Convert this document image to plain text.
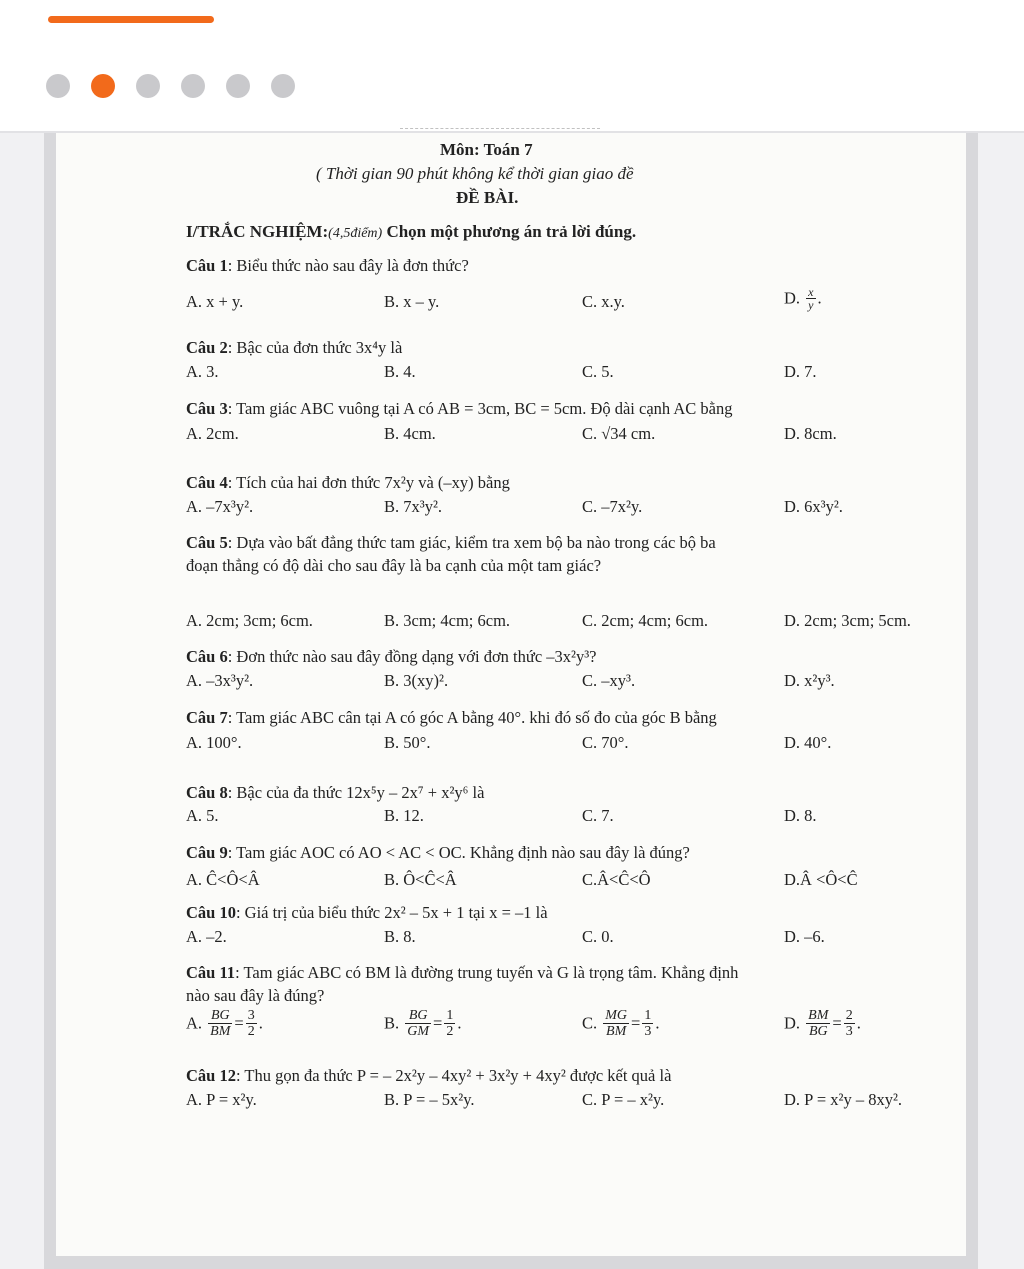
Môn: Toán 7
( Thời gian 90 phút không kể thời gian giao đề
ĐỀ BÀI.
I/TRẮC NGHIỆM:(4,5điểm) Chọn một phương án trả lời đúng.
Câu 1: Biểu thức nào sau đây là đơn thức?
A. x + y.	B. x – y.	C. x.y.	D. $\frac{x}{y}$ .
Câu 2: Bậc của đơn thức 3x⁴y là
A. 3.	B. 4.	C. 5.	D. 7.
Câu 3: Tam giác ABC vuông tại A có AB = 3cm, BC = 5cm. Độ dài cạnh AC bằng
A. 2cm.	B. 4cm.	C. √34 cm.	D. 8cm.
Câu 4: Tích của hai đơn thức 7x²y và (–xy) bằng
A. –7x³y².	B. 7x³y².	C. –7x²y.	D. 6x³y².
Câu 5: Dựa vào bất đẳng thức tam giác, kiểm tra xem bộ ba nào trong các bộ ba
đoạn thẳng có độ dài cho sau đây là ba cạnh của một tam giác?
A. 2cm; 3cm; 6cm.	B. 3cm; 4cm; 6cm.	C. 2cm; 4cm; 6cm.	D. 2cm; 3cm; 5cm.
Câu 6: Đơn thức nào sau đây đồng dạng với đơn thức –3x²y³?
A. –3x³y².	B. 3(xy)².	C. –xy³.	D. x²y³.
Câu 7: Tam giác ABC cân tại A có góc A bằng 40°. khi đó số đo của góc B bằng
A. 100°.	B. 50°.	C. 70°.	D. 40°.
Câu 8: Bậc của đa thức 12x⁵y – 2x⁷ + x²y⁶ là
A. 5.	B. 12.	C. 7.	D. 8.
Câu 9: Tam giác AOC có AO < AC < OC. Khẳng định nào sau đây là đúng?
A. Ĉ<Ô<Â	B. Ô<Ĉ<Â	C.Â<Ĉ<Ô	D.Â <Ô<Ĉ
Câu 10: Giá trị của biểu thức 2x² – 5x + 1 tại x = –1 là
A. –2.	B. 8.	C. 0.	D. –6.
Câu 11: Tam giác ABC có BM là đường trung tuyến và G là trọng tâm. Khẳng định
nào sau đây là đúng?
A. $\frac{BG}{BM} = \frac{3}{2}$ .	B. $\frac{BG}{GM} = \frac{1}{2}$ .	C. $\frac{MG}{BM} = \frac{1}{3}$ .	D. $\frac{BM}{BG} = \frac{2}{3}$ .
Câu 12: Thu gọn đa thức P = – 2x²y – 4xy² + 3x²y + 4xy² được kết quả là
A. P = x²y.	B. P = – 5x²y.	C. P = – x²y.	D. P = x²y – 8xy².
